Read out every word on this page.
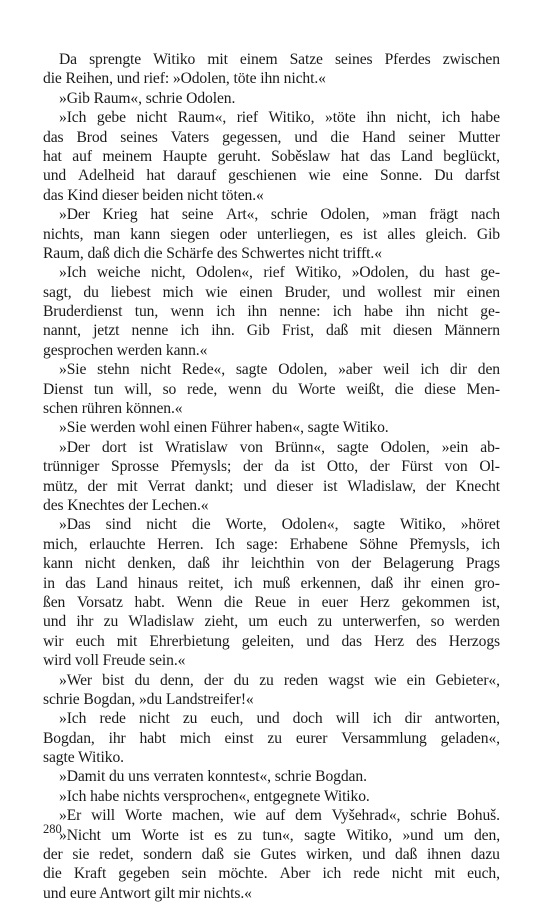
Da sprengte Witiko mit einem Satze seines Pferdes zwischen
die Reihen, und rief: »Odolen, töte ihn nicht.«
»Gib Raum«, schrie Odolen.
»Ich gebe nicht Raum«, rief Witiko, »töte ihn nicht, ich habe
das Brod seines Vaters gegessen, und die Hand seiner Mutter
hat auf meinem Haupte geruht. Soběslaw hat das Land beglückt,
und Adelheid hat darauf geschienen wie eine Sonne. Du darfst
das Kind dieser beiden nicht töten.«
»Der Krieg hat seine Art«, schrie Odolen, »man frägt nach
nichts, man kann siegen oder unterliegen, es ist alles gleich. Gib
Raum, daß dich die Schärfe des Schwertes nicht trifft.«
»Ich weiche nicht, Odolen«, rief Witiko, »Odolen, du hast ge-
sagt, du liebest mich wie einen Bruder, und wollest mir einen
Bruderdienst tun, wenn ich ihn nenne: ich habe ihn nicht ge-
nannt, jetzt nenne ich ihn. Gib Frist, daß mit diesen Männern
gesprochen werden kann.«
»Sie stehn nicht Rede«, sagte Odolen, »aber weil ich dir den
Dienst tun will, so rede, wenn du Worte weißt, die diese Men-
schen rühren können.«
»Sie werden wohl einen Führer haben«, sagte Witiko.
»Der dort ist Wratislaw von Brünn«, sagte Odolen, »ein ab-
trünniger Sprosse Přemysls; der da ist Otto, der Fürst von Ol-
mütz, der mit Verrat dankt; und dieser ist Wladislaw, der Knecht
des Knechtes der Lechen.«
»Das sind nicht die Worte, Odolen«, sagte Witiko, »höret
mich, erlauchte Herren. Ich sage: Erhabene Söhne Přemysls, ich
kann nicht denken, daß ihr leichthin von der Belagerung Prags
in das Land hinaus reitet, ich muß erkennen, daß ihr einen gro-
ßen Vorsatz habt. Wenn die Reue in euer Herz gekommen ist,
und ihr zu Wladislaw zieht, um euch zu unterwerfen, so werden
wir euch mit Ehrerbietung geleiten, und das Herz des Herzogs
wird voll Freude sein.«
»Wer bist du denn, der du zu reden wagst wie ein Gebieter«,
schrie Bogdan, »du Landstreifer!«
»Ich rede nicht zu euch, und doch will ich dir antworten,
Bogdan, ihr habt mich einst zu eurer Versammlung geladen«,
sagte Witiko.
»Damit du uns verraten konntest«, schrie Bogdan.
»Ich habe nichts versprochen«, entgegnete Witiko.
»Er will Worte machen, wie auf dem Vyšehrad«, schrie Bohuš.
»Nicht um Worte ist es zu tun«, sagte Witiko, »und um den,
der sie redet, sondern daß sie Gutes wirken, und daß ihnen dazu
die Kraft gegeben sein möchte. Aber ich rede nicht mit euch,
und eure Antwort gilt mir nichts.«
280
